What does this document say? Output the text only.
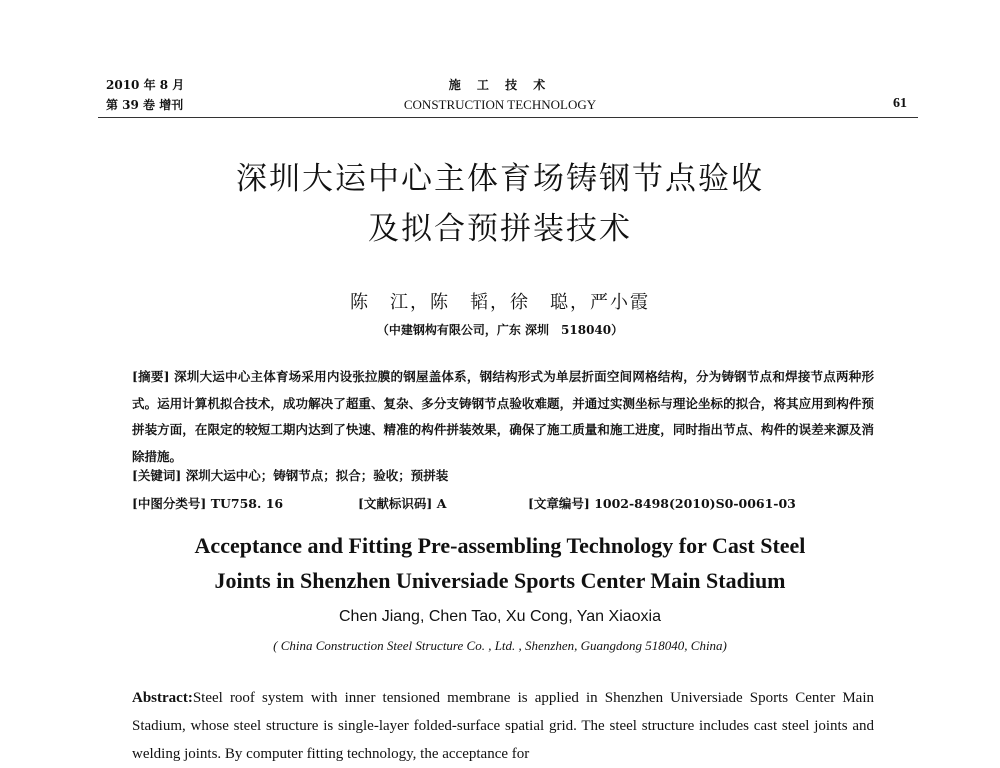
2010 年 8 月
第 39 卷 增刊
施 工 技 术
CONSTRUCTION TECHNOLOGY	61
深圳大运中心主体育场铸钢节点验收
及拟合预拼装技术
陈　江，陈　韬，徐　聪，严小霞
（中建钢构有限公司，广东 深圳　518040）
[摘要] 深圳大运中心主体育场采用内设张拉膜的钢屋盖体系，钢结构形式为单层折面空间网格结构，分为铸钢节点和焊接节点两种形式。运用计算机拟合技术，成功解决了超重、复杂、多分支铸钢节点验收难题，并通过实测坐标与理论坐标的拟合，将其应用到构件预拼装方面，在限定的较短工期内达到了快速、精准的构件拼装效果，确保了施工质量和施工进度，同时指出节点、构件的误差来源及消除措施。
[关键词] 深圳大运中心；铸钢节点；拟合；验收；预拼装
[中图分类号] TU758. 16	[文献标识码] A	[文章编号] 1002-8498(2010)S0-0061-03
Acceptance and Fitting Pre-assembling Technology for Cast Steel
Joints in Shenzhen Universiade Sports Center Main Stadium
Chen Jiang, Chen Tao, Xu Cong, Yan Xiaoxia
( China Construction Steel Structure Co. , Ltd. , Shenzhen, Guangdong 518040, China)
Abstract:Steel roof system with inner tensioned membrane is applied in Shenzhen Universiade Sports Center Main Stadium, whose steel structure is single-layer folded-surface spatial grid. The steel structure includes cast steel joints and welding joints. By computer fitting technology, the acceptance for
